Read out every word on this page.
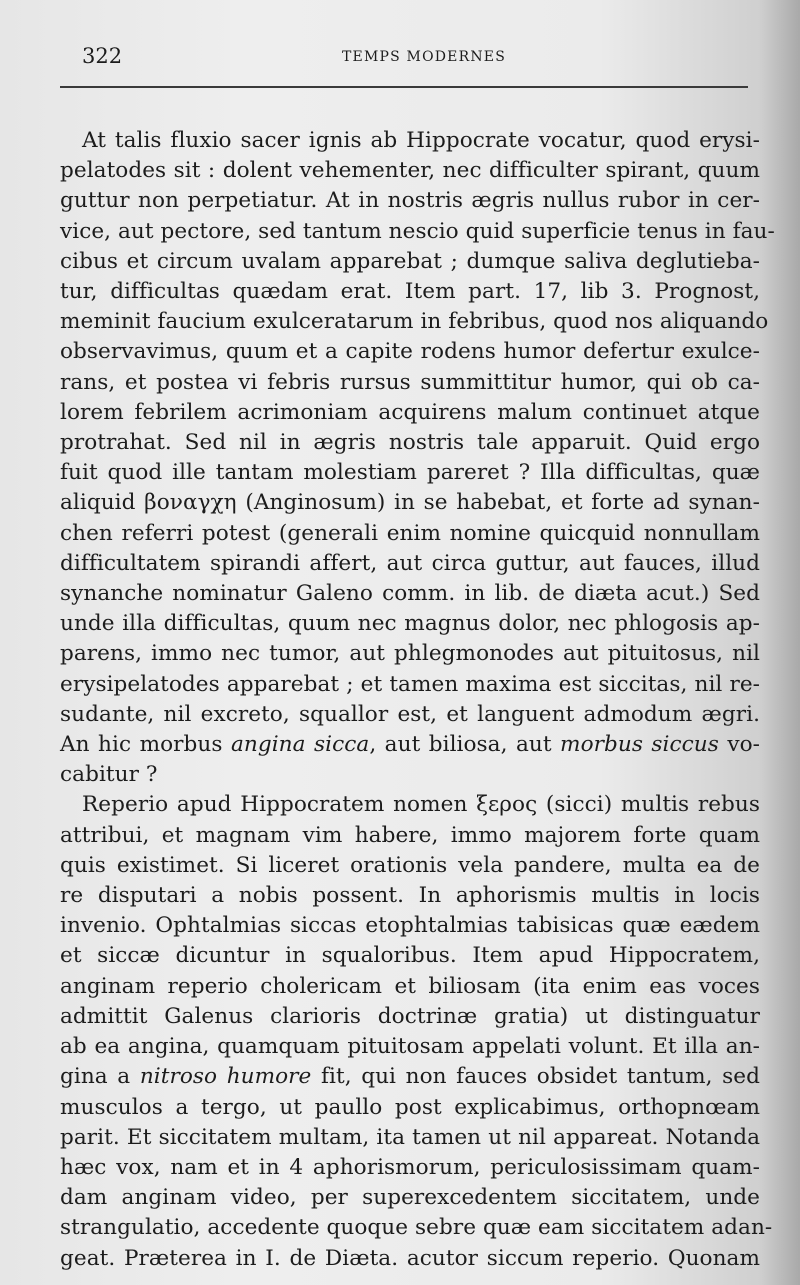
322	TEMPS MODERNES
At talis fluxio sacer ignis ab Hippocrate vocatur, quod erysi-
pelatodes sit : dolent vehementer, nec difficulter spirant, quum
guttur non perpetiatur. At in nostris ægris nullus rubor in cer-
vice, aut pectore, sed tantum nescio quid superficie tenus in fau-
cibus et circum uvalam apparebat ; dumque saliva deglutieba-
tur, difficultas quædam erat. Item part. 17, lib 3. Prognost,
meminit faucium exulceratarum in febribus, quod nos aliquando
observavimus, quum et a capite rodens humor defertur exulce-
rans, et postea vi febris rursus summittitur humor, qui ob ca-
lorem febrilem acrimoniam acquirens malum continuet atque
protrahat. Sed nil in ægris nostris tale apparuit. Quid ergo
fuit quod ille tantam molestiam pareret ? Illa difficultas, quæ
aliquid βοναγχη (Anginosum) in se habebat, et forte ad synan-
chen referri potest (generali enim nomine quicquid nonnullam
difficultatem spirandi affert, aut circa guttur, aut fauces, illud
synanche nominatur Galeno comm. in lib. de diæta acut.) Sed
unde illa difficultas, quum nec magnus dolor, nec phlogosis ap-
parens, immo nec tumor, aut phlegmonodes aut pituitosus, nil
erysipelatodes apparebat ; et tamen maxima est siccitas, nil re-
sudante, nil excreto, squallor est, et languent admodum ægri.
An hic morbus angina sicca, aut biliosa, aut morbus siccus vo-
cabitur ?
Reperio apud Hippocratem nomen ξερος (sicci) multis rebus
attribui, et magnam vim habere, immo majorem forte quam
quis existimet. Si liceret orationis vela pandere, multa ea de
re disputari a nobis possent. In aphorismis multis in locis
invenio. Ophtalmias siccas etophtalmias tabisicas quæ eædem
et siccæ dicuntur in squaloribus. Item apud Hippocratem,
anginam reperio cholericam et biliosam (ita enim eas voces
admittit Galenus clarioris doctrinæ gratia) ut distinguatur
ab ea angina, quamquam pituitosam appelati volunt. Et illa an-
gina a nitroso humore fit, qui non fauces obsidet tantum, sed
musculos a tergo, ut paullo post explicabimus, orthopnœam
parit. Et siccitatem multam, ita tamen ut nil appareat. Notanda
hæc vox, nam et in 4 aphorismorum, periculosissimam quam-
dam anginam video, per superexcedentem siccitatem, unde
strangulatio, accedente quoque sebre quæ eam siccitatem adan-
geat. Præterea in I. de Diæta. acutor siccum reperio. Quonam
